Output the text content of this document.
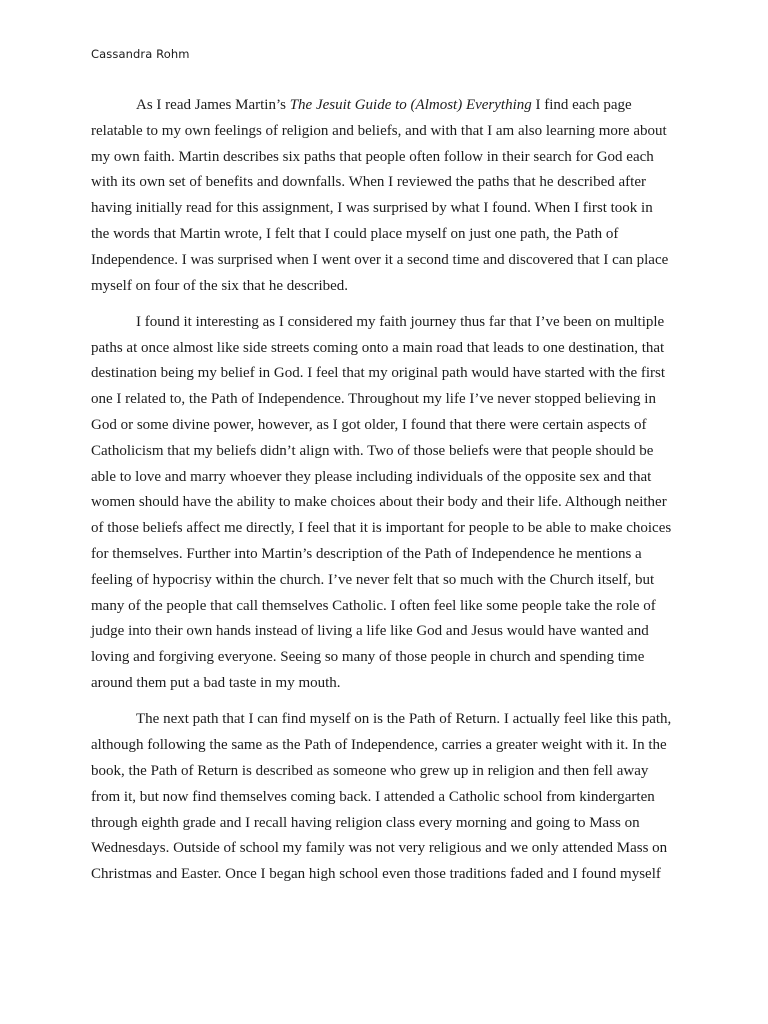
Cassandra Rohm
As I read James Martin’s The Jesuit Guide to (Almost) Everything I find each page
relatable to my own feelings of religion and beliefs, and with that I am also learning more about
my own faith. Martin describes six paths that people often follow in their search for God each
with its own set of benefits and downfalls. When I reviewed the paths that he described after
having initially read for this assignment, I was surprised by what I found. When I first took in
the words that Martin wrote, I felt that I could place myself on just one path, the Path of
Independence. I was surprised when I went over it a second time and discovered that I can place
myself on four of the six that he described.
I found it interesting as I considered my faith journey thus far that I’ve been on multiple
paths at once almost like side streets coming onto a main road that leads to one destination, that
destination being my belief in God. I feel that my original path would have started with the first
one I related to, the Path of Independence. Throughout my life I’ve never stopped believing in
God or some divine power, however, as I got older, I found that there were certain aspects of
Catholicism that my beliefs didn’t align with. Two of those beliefs were that people should be
able to love and marry whoever they please including individuals of the opposite sex and that
women should have the ability to make choices about their body and their life. Although neither
of those beliefs affect me directly, I feel that it is important for people to be able to make choices
for themselves. Further into Martin’s description of the Path of Independence he mentions a
feeling of hypocrisy within the church. I’ve never felt that so much with the Church itself, but
many of the people that call themselves Catholic. I often feel like some people take the role of
judge into their own hands instead of living a life like God and Jesus would have wanted and
loving and forgiving everyone. Seeing so many of those people in church and spending time
around them put a bad taste in my mouth.
The next path that I can find myself on is the Path of Return. I actually feel like this path,
although following the same as the Path of Independence, carries a greater weight with it. In the
book, the Path of Return is described as someone who grew up in religion and then fell away
from it, but now find themselves coming back. I attended a Catholic school from kindergarten
through eighth grade and I recall having religion class every morning and going to Mass on
Wednesdays. Outside of school my family was not very religious and we only attended Mass on
Christmas and Easter. Once I began high school even those traditions faded and I found myself
